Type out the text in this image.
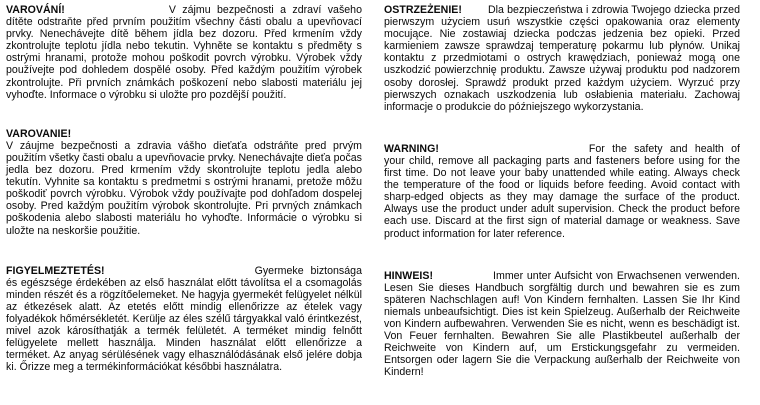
VAROVÁNÍ!	V zájmu bezpečnosti a zdraví vašeho dítěte odstraňte před prvním použitím všechny části obalu a upevňovací prvky. Nenechávejte dítě během jídla bez dozoru. Před krmením vždy zkontrolujte teplotu jídla nebo tekutin. Vyhněte se kontaktu s předměty s ostrými hranami, protože mohou poškodit povrch výrobku. Výrobek vždy používejte pod dohledem dospělé osoby. Před každým použitím výrobek zkontrolujte. Při prvních známkách poškození nebo slabosti materiálu jej vyhoďte. Informace o výrobku si uložte pro pozdější použití.

VAROVANIE!

V záujme bezpečnosti a zdravia vášho dieťaťa odstráňte pred prvým použitím všetky časti obalu a upevňovacie prvky. Nenechávajte dieťa počas jedla bez dozoru. Pred krmením vždy skontrolujte teplotu jedla alebo tekutín. Vyhnite sa kontaktu s predmetmi s ostrými hranami, pretože môžu poškodiť povrch výrobku. Výrobok vždy používajte pod dohľadom dospelej osoby. Pred každým použitím výrobok skontrolujte. Pri prvných známkach poškodenia alebo slabosti materiálu ho vyhoďte. Informácie o výrobku si uložte na neskoršie použitie.

FIGYELMEZTETÉS!	Gyermeke biztonsága és egészsége érdekében az első használat előtt távolítsa el a csomagolás minden részét és a rögzítőelemeket. Ne hagyja gyermekét felügyelet nélkül az étkezések alatt. Az etetés előtt mindig ellenőrizze az ételek vagy folyadékok hőmérsékletét. Kerülje az éles szélű tárgyakkal való érintkezést, mivel azok károsíthatják a termék felületét. A terméket mindig felnőtt felügyelete mellett használja. Minden használat előtt ellenőrizze a terméket. Az anyag sérülésének vagy elhasználódásának első jelére dobja ki. Őrizze meg a termékinformációkat későbbi használatra.

OSTRZEŻENIE! Dla bezpieczeństwa i zdrowia Twojego dziecka przed pierwszym użyciem usuń wszystkie części opakowania oraz elementy mocujące. Nie zostawiaj dziecka podczas jedzenia bez opieki. Przed karmieniem zawsze sprawdzaj temperaturę pokarmu lub płynów. Unikaj kontaktu z przedmiotami o ostrych krawędziach, ponieważ mogą one uszkodzić powierzchnię produktu. Zawsze używaj produktu pod nadzorem osoby dorosłej. Sprawdź produkt przed każdym użyciem. Wyrzuć przy pierwszych oznakach uszkodzenia lub osłabienia materiału. Zachowaj informacje o produkcie do późniejszego wykorzystania.

WARNING!	For the safety and health of your child, remove all packaging parts and fasteners before using for the first time. Do not leave your baby unattended while eating. Always check the temperature of the food or liquids before feeding. Avoid contact with sharp-edged objects as they may damage the surface of the product. Always use the product under adult supervision. Check the product before each use. Discard at the first sign of material damage or weakness. Save product information for later reference.

HINWEIS!	Immer unter Aufsicht von Erwachsenen verwenden. Lesen Sie dieses Handbuch sorgfältig durch und bewahren sie es zum späteren Nachschlagen auf! Von Kindern fernhalten. Lassen Sie Ihr Kind niemals unbeaufsichtigt. Dies ist kein Spielzeug. Außerhalb der Reichweite von Kindern aufbewahren. Verwenden Sie es nicht, wenn es beschädigt ist. Von Feuer fernhalten. Bewahren Sie alle Plastikbeutel außerhalb der Reichweite von Kindern auf, um Erstickungsgefahr zu vermeiden. Entsorgen oder lagern Sie die Verpackung außerhalb der Reichweite von Kindern!
